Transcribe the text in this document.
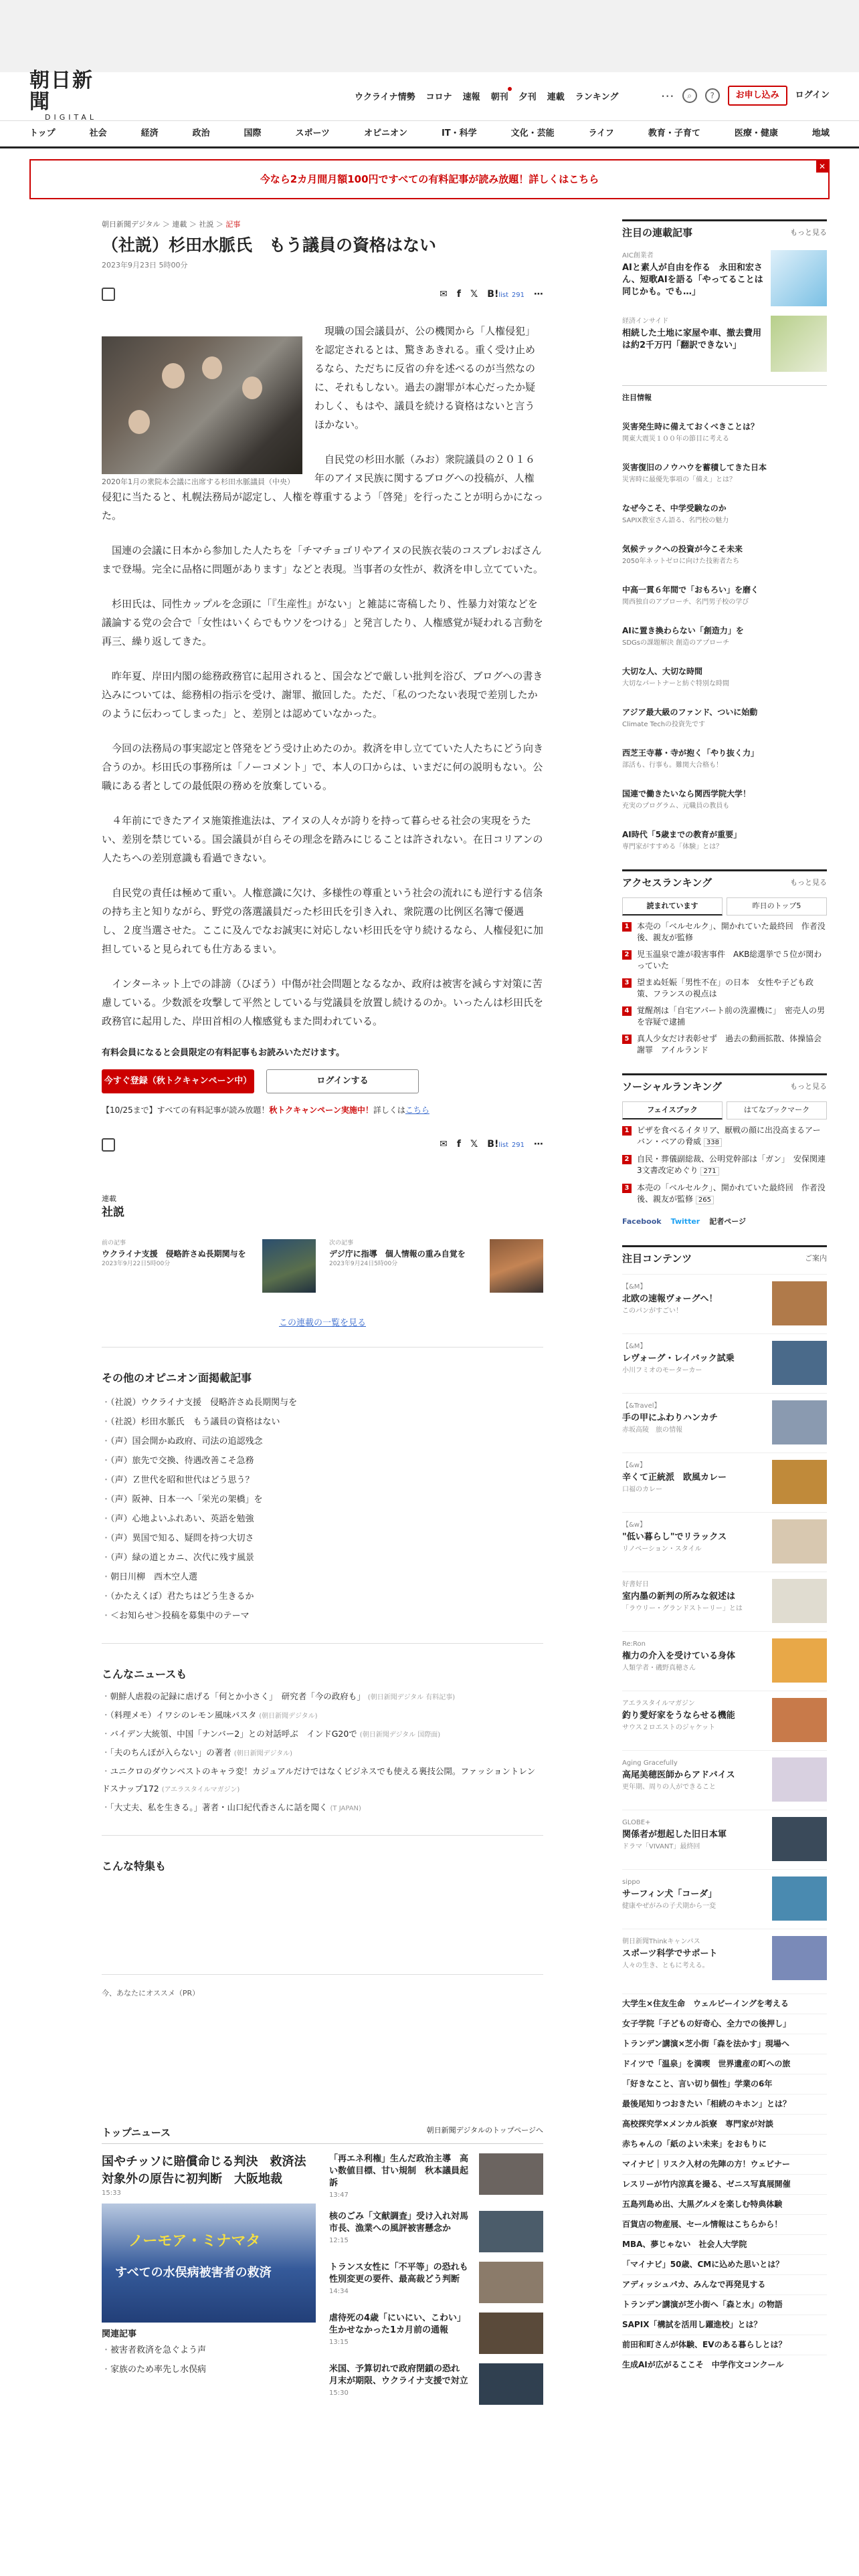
朝日新聞
DIGITAL
ウクライナ情勢 コロナ 速報 朝刊 夕刊 連載 ランキング	⋯	⌕	?	お申し込み	ログイン
トップ	社会	経済	政治	国際	スポーツ	オピニオン	IT・科学	文化・芸能	ライフ	教育・子育て	医療・健康	地域
今なら2カ月間月額100円ですべての有料記事が読み放題！詳しくはこちら
✕
朝日新聞デジタル ＞ 連載 ＞ 社説 ＞ 記事
（社説）杉田水脈氏　もう議員の資格はない
2023年9月23日 5時00分
✉ f 𝕏 B!list 291 ⋯
2020年1月の衆院本会議に出席する杉田水脈議員（中央）

現職の国会議員が、公の機関から「人権侵犯」を認定されるとは、驚きあきれる。重く受け止めるなら、ただちに反省の弁を述べるのが当然なのに、それもしない。過去の謝罪が本心だったか疑わしく、もはや、議員を続ける資格はないと言うほかない。

自民党の杉田水脈（みお）衆院議員の２０１６年のアイヌ民族に関するブログへの投稿が、人権侵犯に当たると、札幌法務局が認定し、人権を尊重するよう「啓発」を行ったことが明らかになった。

国連の会議に日本から参加した人たちを「チマチョゴリやアイヌの民族衣装のコスプレおばさんまで登場。完全に品格に問題があります」などと表現。当事者の女性が、救済を申し立てていた。

杉田氏は、同性カップルを念頭に「『生産性』がない」と雑誌に寄稿したり、性暴力対策などを議論する党の会合で「女性はいくらでもウソをつける」と発言したり、人権感覚が疑われる言動を再三、繰り返してきた。

昨年夏、岸田内閣の総務政務官に起用されると、国会などで厳しい批判を浴び、ブログへの書き込みについては、総務相の指示を受け、謝罪、撤回した。ただ、「私のつたない表現で差別したかのように伝わってしまった」と、差別とは認めていなかった。

今回の法務局の事実認定と啓発をどう受け止めたのか。救済を申し立てていた人たちにどう向き合うのか。杉田氏の事務所は「ノーコメント」で、本人の口からは、いまだに何の説明もない。公職にある者としての最低限の務めを放棄している。

４年前にできたアイヌ施策推進法は、アイヌの人々が誇りを持って暮らせる社会の実現をうたい、差別を禁じている。国会議員が自らその理念を踏みにじることは許されない。在日コリアンの人たちへの差別意識も看過できない。

自民党の責任は極めて重い。人権意識に欠け、多様性の尊重という社会の流れにも逆行する信条の持ち主と知りながら、野党の落選議員だった杉田氏を引き入れ、衆院選の比例区名簿で優遇し、２度当選させた。ここに及んでなお誠実に対応しない杉田氏を守り続けるなら、人権侵犯に加担していると見られても仕方あるまい。

インターネット上での誹謗（ひぼう）中傷が社会問題となるなか、政府は被害を減らす対策に苦慮している。少数派を攻撃して平然としている与党議員を放置し続けるのか。いったんは杉田氏を政務官に起用した、岸田首相の人権感覚もまた問われている。

有料会員になると会員限定の有料記事もお読みいただけます。
今すぐ登録（秋トクキャンペーン中）	ログインする
【10/25まで】すべての有料記事が読み放題！秋トクキャンペーン実施中！詳しくはこちら
✉ f 𝕏 B!list 291 ⋯
連載
社説
前の記事
ウクライナ支援　侵略許さぬ長期関与を
2023年9月22日5時00分
次の記事
デジ庁に指導　個人情報の重み自覚を
2023年9月24日5時00分
この連載の一覧を見る
その他のオピニオン面掲載記事
・ （社説）ウクライナ支援　侵略許さぬ長期関与を
・ （社説）杉田水脈氏　もう議員の資格はない
・ （声）国会開かぬ政府、司法の追認残念
・ （声）旅先で交換、待遇改善こそ急務
・ （声）Ｚ世代を昭和世代はどう思う？
・ （声）阪神、日本一へ「栄光の架橋」を
・ （声）心地よいふれあい、英語を勉強
・ （声）異国で知る、疑問を持つ大切さ
・ （声）緑の道とカニ、次代に残す風景
・ 朝日川柳　西木空人選
・ （かたえくぼ）君たちはどう生きるか
・ ＜お知らせ＞投稿を募集中のテーマ
こんなニュースも
・ 朝鮮人虐殺の記録に虐げる「何とか小さく」　研究者「今の政府も」 (朝日新聞デジタル 有料記事)
・ （料理メモ）イワシのレモン風味パスタ (朝日新聞デジタル)
・ バイデン大統領、中国「ナンバー2」との対話呼ぶ　インドG20で (朝日新聞デジタル 国際面)
・ 「夫のちんぽが入らない」の著者 (朝日新聞デジタル)
・ ユニクロのダウンベストのキャラ変！カジュアルだけではなくビジネスでも使える裏技公開。ファッショントレンドスナップ172 (アエラスタイルマガジン)
・ 「大丈夫、私を生きる。」著者・山口紀代香さんに話を聞く (T JAPAN)
こんな特集も
今、あなたにオススメ（PR）
トップニュース	朝日新聞デジタルのトップページへ
国やチッソに賠償命じる判決　救済法対象外の原告に初判断　大阪地裁
15:33
ノーモア・ミナマタ
すべての水俣病被害者の救済
関連記事
・ 被害者救済を急ぐよう声
・ 家族のため率先し水俣病
「再エネ利権」生んだ政治主導　高い数値目標、甘い規制　秋本議員起訴
13:47
核のごみ「文献調査」受け入れ対馬市長、漁業への風評被害懸念か
12:15
トランス女性に「不平等」の恐れも　性別変更の要件、最高裁どう判断
14:34
虐待死の4歳「にいにい、こわい」　生かせなかった1カ月前の通報
13:15
米国、予算切れで政府閉鎖の恐れ　月末が期限、ウクライナ支援で対立
15:30
注目の連載記事	もっと見る
AIC創業者
AIと素人が自由を作る　永田和宏さん、短歌AIを語る「やってることは同じかも。でも…」
経済インサイド
相続した土地に家屋や車、撤去費用は約2千万円「翻訳できない」
注目情報
災害発生時に備えておくべきことは？
関東大震災１００年の節目に考える
災害復旧のノウハウを蓄積してきた日本
災害時に最優先事項の「備え」とは？
なぜ今こそ、中学受験なのか
SAPIX教室さん語る、名門校の魅力
気候テックへの投資が今こそ未来
2050年ネットゼロに向けた技術者たち
中高一貫６年間で「おもろい」を磨く
関西独自のアプローチ、名門男子校の学び
AIに置き換わらない「創造力」を
SDGsの課題解決 創造のアプローチ
大切な人、大切な時間
大切なパートナーと紡ぐ特別な時間
アジア最大級のファンド、ついに始動
Climate Techの投資先です
西芝王寺幕・寺が抱く「やり抜く力」
部活も、行事も。難関大合格も！
国連で働きたいなら関西学院大学！
充実のプログラム、元職員の教員も
AI時代「5歳までの教育が重要」
専門家がすすめる「体験」とは？
アクセスランキング	もっと見る
読まれています	昨日のトップ5
1 本売の「ベルセルク」、開かれていた最終回　作者没後、親友が監修
2 児玉温泉で誰が殺害事件　AKB総選挙で５位が関わっていた
3 望まぬ妊娠「男性不在」の日本　女性や子ども政策、フランスの視点は
4 覚醒剤は「自宅アパート前の洗濯機に」　密売人の男を容疑で逮捕
5 真人少女だけ表彰せず　過去の動画拡散、体操協会謝罪　アイルランド
ソーシャルランキング	もっと見る
フェイスブック	はてなブックマーク
1 ピザを食べるイタリア、厭戦の顔に出没高まるアーバン・ベアの脅威 338
2 自民・葬儀副総裁、公明党幹部は「ガン」　安保関連3文書改定めぐり 271
3 本売の「ベルセルク」、開かれていた最終回　作者没後、親友が監修 265
Facebook Twitter 記者ページ
注目コンテンツ	ご案内
【&M】
北欧の速報ヴォーグへ！
このパンがすごい！
【&M】
レヴォーグ・レイバック試乗
小川フミオのモーターカー
【&Travel】
手の甲にふわりハンカチ
赤坂高陵　旅の情報
【&w】
辛くて正統派　欧風カレー
口福のカレー
【&w】
"低い暮らし"でリラックス
リノベーション・スタイル
好書好日
室内墨の新判の所みな叙述は
「ラウリー・グランドストーリー」とは
Re:Ron
権力の介入を受けている身体
人類学者・磯野真穂さん
アエラスタイルマガジン
釣り愛好家をうならせる機能
サウス２ロエストのジャケット
Aging Gracefully
高尾美穂医師からアドバイス
更年期、周りの人ができること
GLOBE+
関係者が想起した旧日本軍
ドラマ「VIVANT」最終回
sippo
サーフィン犬「コーダ」
健康やぜがみの子犬期から一変
朝日新聞Thinkキャンパス
スポーツ科学でサポート
人々の生き、ともに考える。
大学生×住友生命　ウェルビーイングを考える
女子学院「子どもの好奇心、全力での後押し」
トランデン講演×芝小街「森を法かす」現場へ
ドイツで「温泉」を満喫　世界遺産の町への旅
「好きなこと、言い切り個性」学業の6年
最後尾知りつおきたい「相続のキホン」とは？
高校探究学×メンカル浜寮　専門家が対談
赤ちゃんの「紙のよい未来」をおもりに
マイナビ｜リスク入材の先陣の方！ウェビナー
レスリーが竹内涼真を撮る、ゼニス写真展開催
五島列島め出、大黒グルメを楽しむ特典体験
百貨店の物産展、セール情報はこちらから！
MBA、夢じゃない　社会人大学院
「マイナビ」50歳、CMに込めた思いとは？
アディッシュパカ、みんなで再発見する
トランデン講演が芝小街へ「森と水」の物語
SAPIX「構試を活用し躍進校」とは？
前田和町さんが体験、EVのある暮らしとは？
生成AIが広がるここそ　中学作文コンクール
